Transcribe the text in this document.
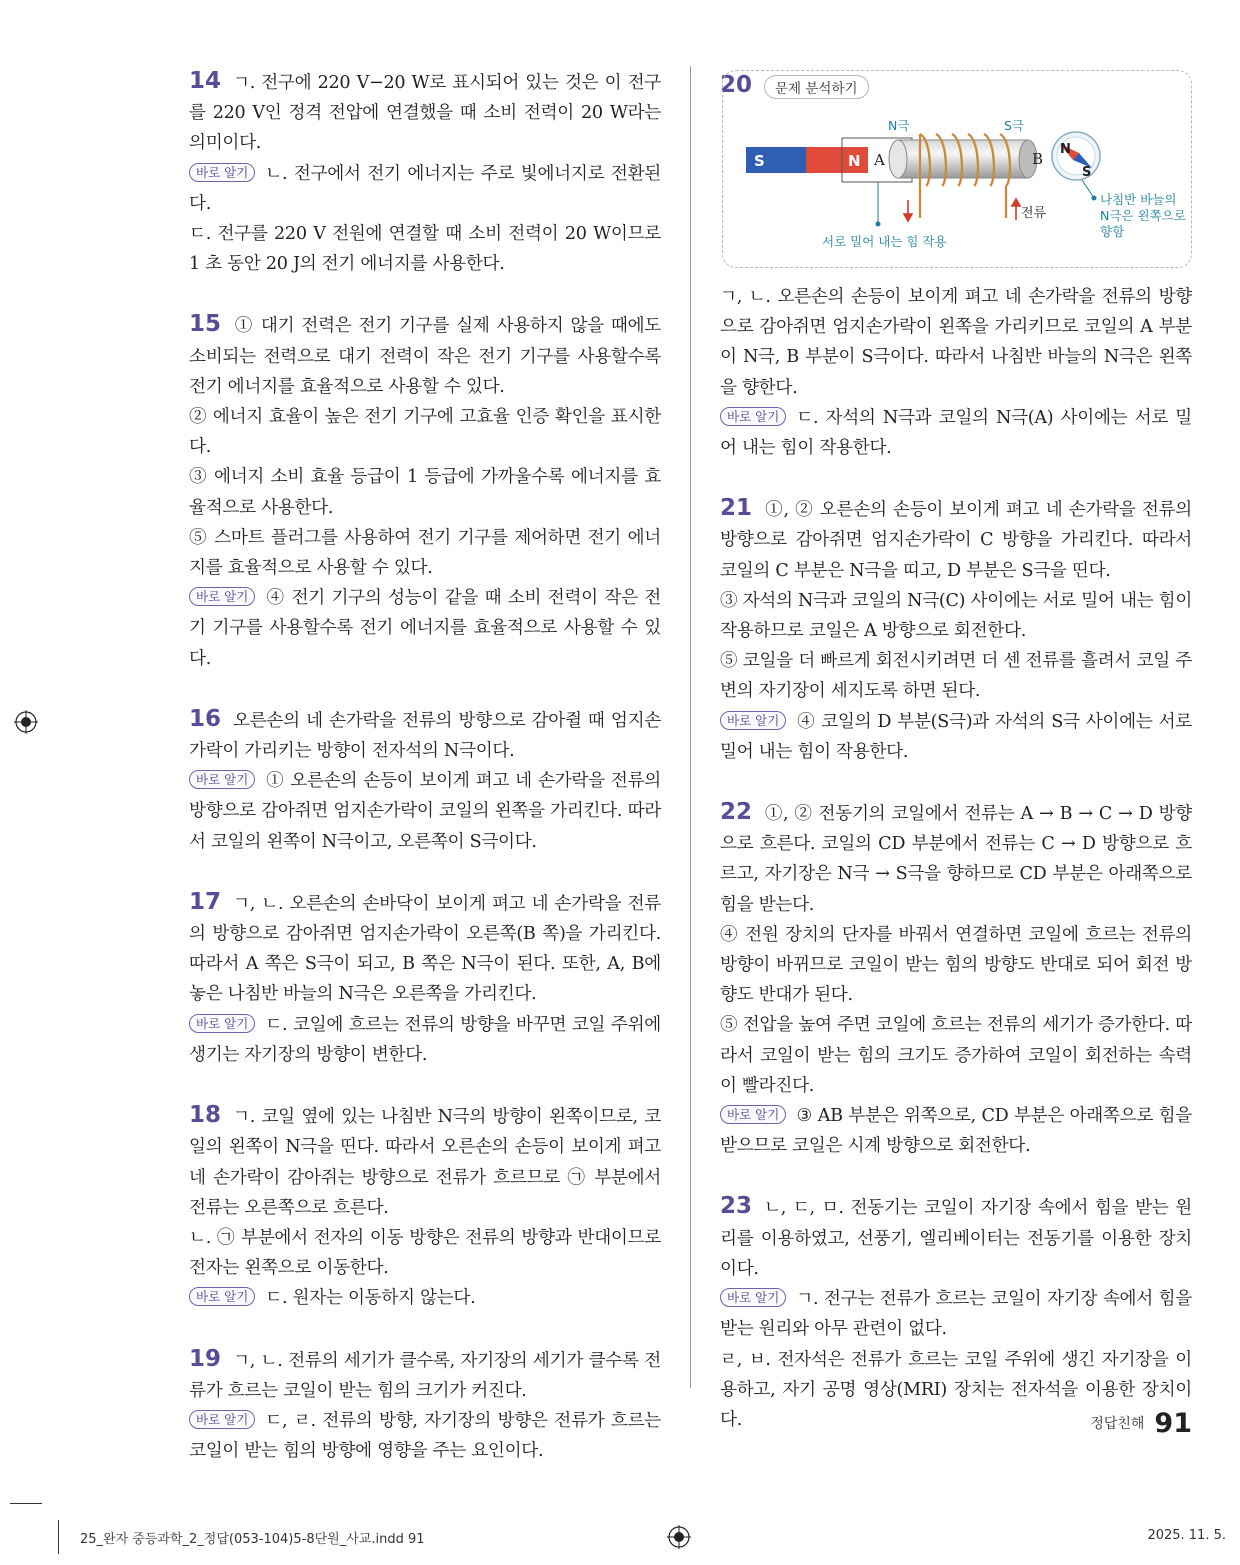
14 ㄱ. 전구에 220 V−20 W로 표시되어 있는 것은 이 전구를 220 V인 정격 전압에 연결했을 때 소비 전력이 20 W라는 의미이다.

바로 알기 ㄴ. 전구에서 전기 에너지는 주로 빛에너지로 전환된다.

ㄷ. 전구를 220 V 전원에 연결할 때 소비 전력이 20 W이므로 1 초 동안 20 J의 전기 에너지를 사용한다.

15 ① 대기 전력은 전기 기구를 실제 사용하지 않을 때에도 소비되는 전력으로 대기 전력이 작은 전기 기구를 사용할수록 전기 에너지를 효율적으로 사용할 수 있다.

② 에너지 효율이 높은 전기 기구에 고효율 인증 확인을 표시한다.

③ 에너지 소비 효율 등급이 1 등급에 가까울수록 에너지를 효율적으로 사용한다.

⑤ 스마트 플러그를 사용하여 전기 기구를 제어하면 전기 에너지를 효율적으로 사용할 수 있다.

바로 알기 ④ 전기 기구의 성능이 같을 때 소비 전력이 작은 전기 기구를 사용할수록 전기 에너지를 효율적으로 사용할 수 있다.

16 오른손의 네 손가락을 전류의 방향으로 감아쥘 때 엄지손가락이 가리키는 방향이 전자석의 N극이다.

바로 알기 ① 오른손의 손등이 보이게 펴고 네 손가락을 전류의 방향으로 감아쥐면 엄지손가락이 코일의 왼쪽을 가리킨다. 따라서 코일의 왼쪽이 N극이고, 오른쪽이 S극이다.

17 ㄱ, ㄴ. 오른손의 손바닥이 보이게 펴고 네 손가락을 전류의 방향으로 감아쥐면 엄지손가락이 오른쪽(B 쪽)을 가리킨다. 따라서 A 쪽은 S극이 되고, B 쪽은 N극이 된다. 또한, A, B에 놓은 나침반 바늘의 N극은 오른쪽을 가리킨다.

바로 알기 ㄷ. 코일에 흐르는 전류의 방향을 바꾸면 코일 주위에 생기는 자기장의 방향이 변한다.

18 ㄱ. 코일 옆에 있는 나침반 N극의 방향이 왼쪽이므로, 코일의 왼쪽이 N극을 띤다. 따라서 오른손의 손등이 보이게 펴고 네 손가락이 감아쥐는 방향으로 전류가 흐르므로 ㉠ 부분에서 전류는 오른쪽으로 흐른다.

ㄴ. ㉠ 부분에서 전자의 이동 방향은 전류의 방향과 반대이므로 전자는 왼쪽으로 이동한다.

바로 알기 ㄷ. 원자는 이동하지 않는다.

19 ㄱ, ㄴ. 전류의 세기가 클수록, 자기장의 세기가 클수록 전류가 흐르는 코일이 받는 힘의 크기가 커진다.

바로 알기 ㄷ, ㄹ. 전류의 방향, 자기장의 방향은 전류가 흐르는 코일이 받는 힘의 방향에 영향을 주는 요인이다.

20	문제 분석하기
S	N A	B
N극	S극
전류
서로 밀어 내는 힘 작용
N
S
나침반 바늘의
N극은 왼쪽으로
향함

ㄱ, ㄴ. 오른손의 손등이 보이게 펴고 네 손가락을 전류의 방향으로 감아쥐면 엄지손가락이 왼쪽을 가리키므로 코일의 A 부분이 N극, B 부분이 S극이다. 따라서 나침반 바늘의 N극은 왼쪽을 향한다.

바로 알기 ㄷ. 자석의 N극과 코일의 N극(A) 사이에는 서로 밀어 내는 힘이 작용한다.

21 ①, ② 오른손의 손등이 보이게 펴고 네 손가락을 전류의 방향으로 감아쥐면 엄지손가락이 C 방향을 가리킨다. 따라서 코일의 C 부분은 N극을 띠고, D 부분은 S극을 띤다.

③ 자석의 N극과 코일의 N극(C) 사이에는 서로 밀어 내는 힘이 작용하므로 코일은 A 방향으로 회전한다.

⑤ 코일을 더 빠르게 회전시키려면 더 센 전류를 흘려서 코일 주변의 자기장이 세지도록 하면 된다.

바로 알기 ④ 코일의 D 부분(S극)과 자석의 S극 사이에는 서로 밀어 내는 힘이 작용한다.

22 ①, ② 전동기의 코일에서 전류는 A → B → C → D 방향으로 흐른다. 코일의 CD 부분에서 전류는 C → D 방향으로 흐르고, 자기장은 N극 → S극을 향하므로 CD 부분은 아래쪽으로 힘을 받는다.

④ 전원 장치의 단자를 바꿔서 연결하면 코일에 흐르는 전류의 방향이 바뀌므로 코일이 받는 힘의 방향도 반대로 되어 회전 방향도 반대가 된다.

⑤ 전압을 높여 주면 코일에 흐르는 전류의 세기가 증가한다. 따라서 코일이 받는 힘의 크기도 증가하여 코일이 회전하는 속력이 빨라진다.

바로 알기 ③ AB 부분은 위쪽으로, CD 부분은 아래쪽으로 힘을 받으므로 코일은 시계 방향으로 회전한다.

23 ㄴ, ㄷ, ㅁ. 전동기는 코일이 자기장 속에서 힘을 받는 원리를 이용하였고, 선풍기, 엘리베이터는 전동기를 이용한 장치이다.

바로 알기 ㄱ. 전구는 전류가 흐르는 코일이 자기장 속에서 힘을 받는 원리와 아무 관련이 없다.

ㄹ, ㅂ. 전자석은 전류가 흐르는 코일 주위에 생긴 자기장을 이용하고, 자기 공명 영상(MRI) 장치는 전자석을 이용한 장치이다.	정답친해 91
25_완자 중등과학_2_정답(053-104)5-8단원_사교.indd 91	2025. 11. 5.
